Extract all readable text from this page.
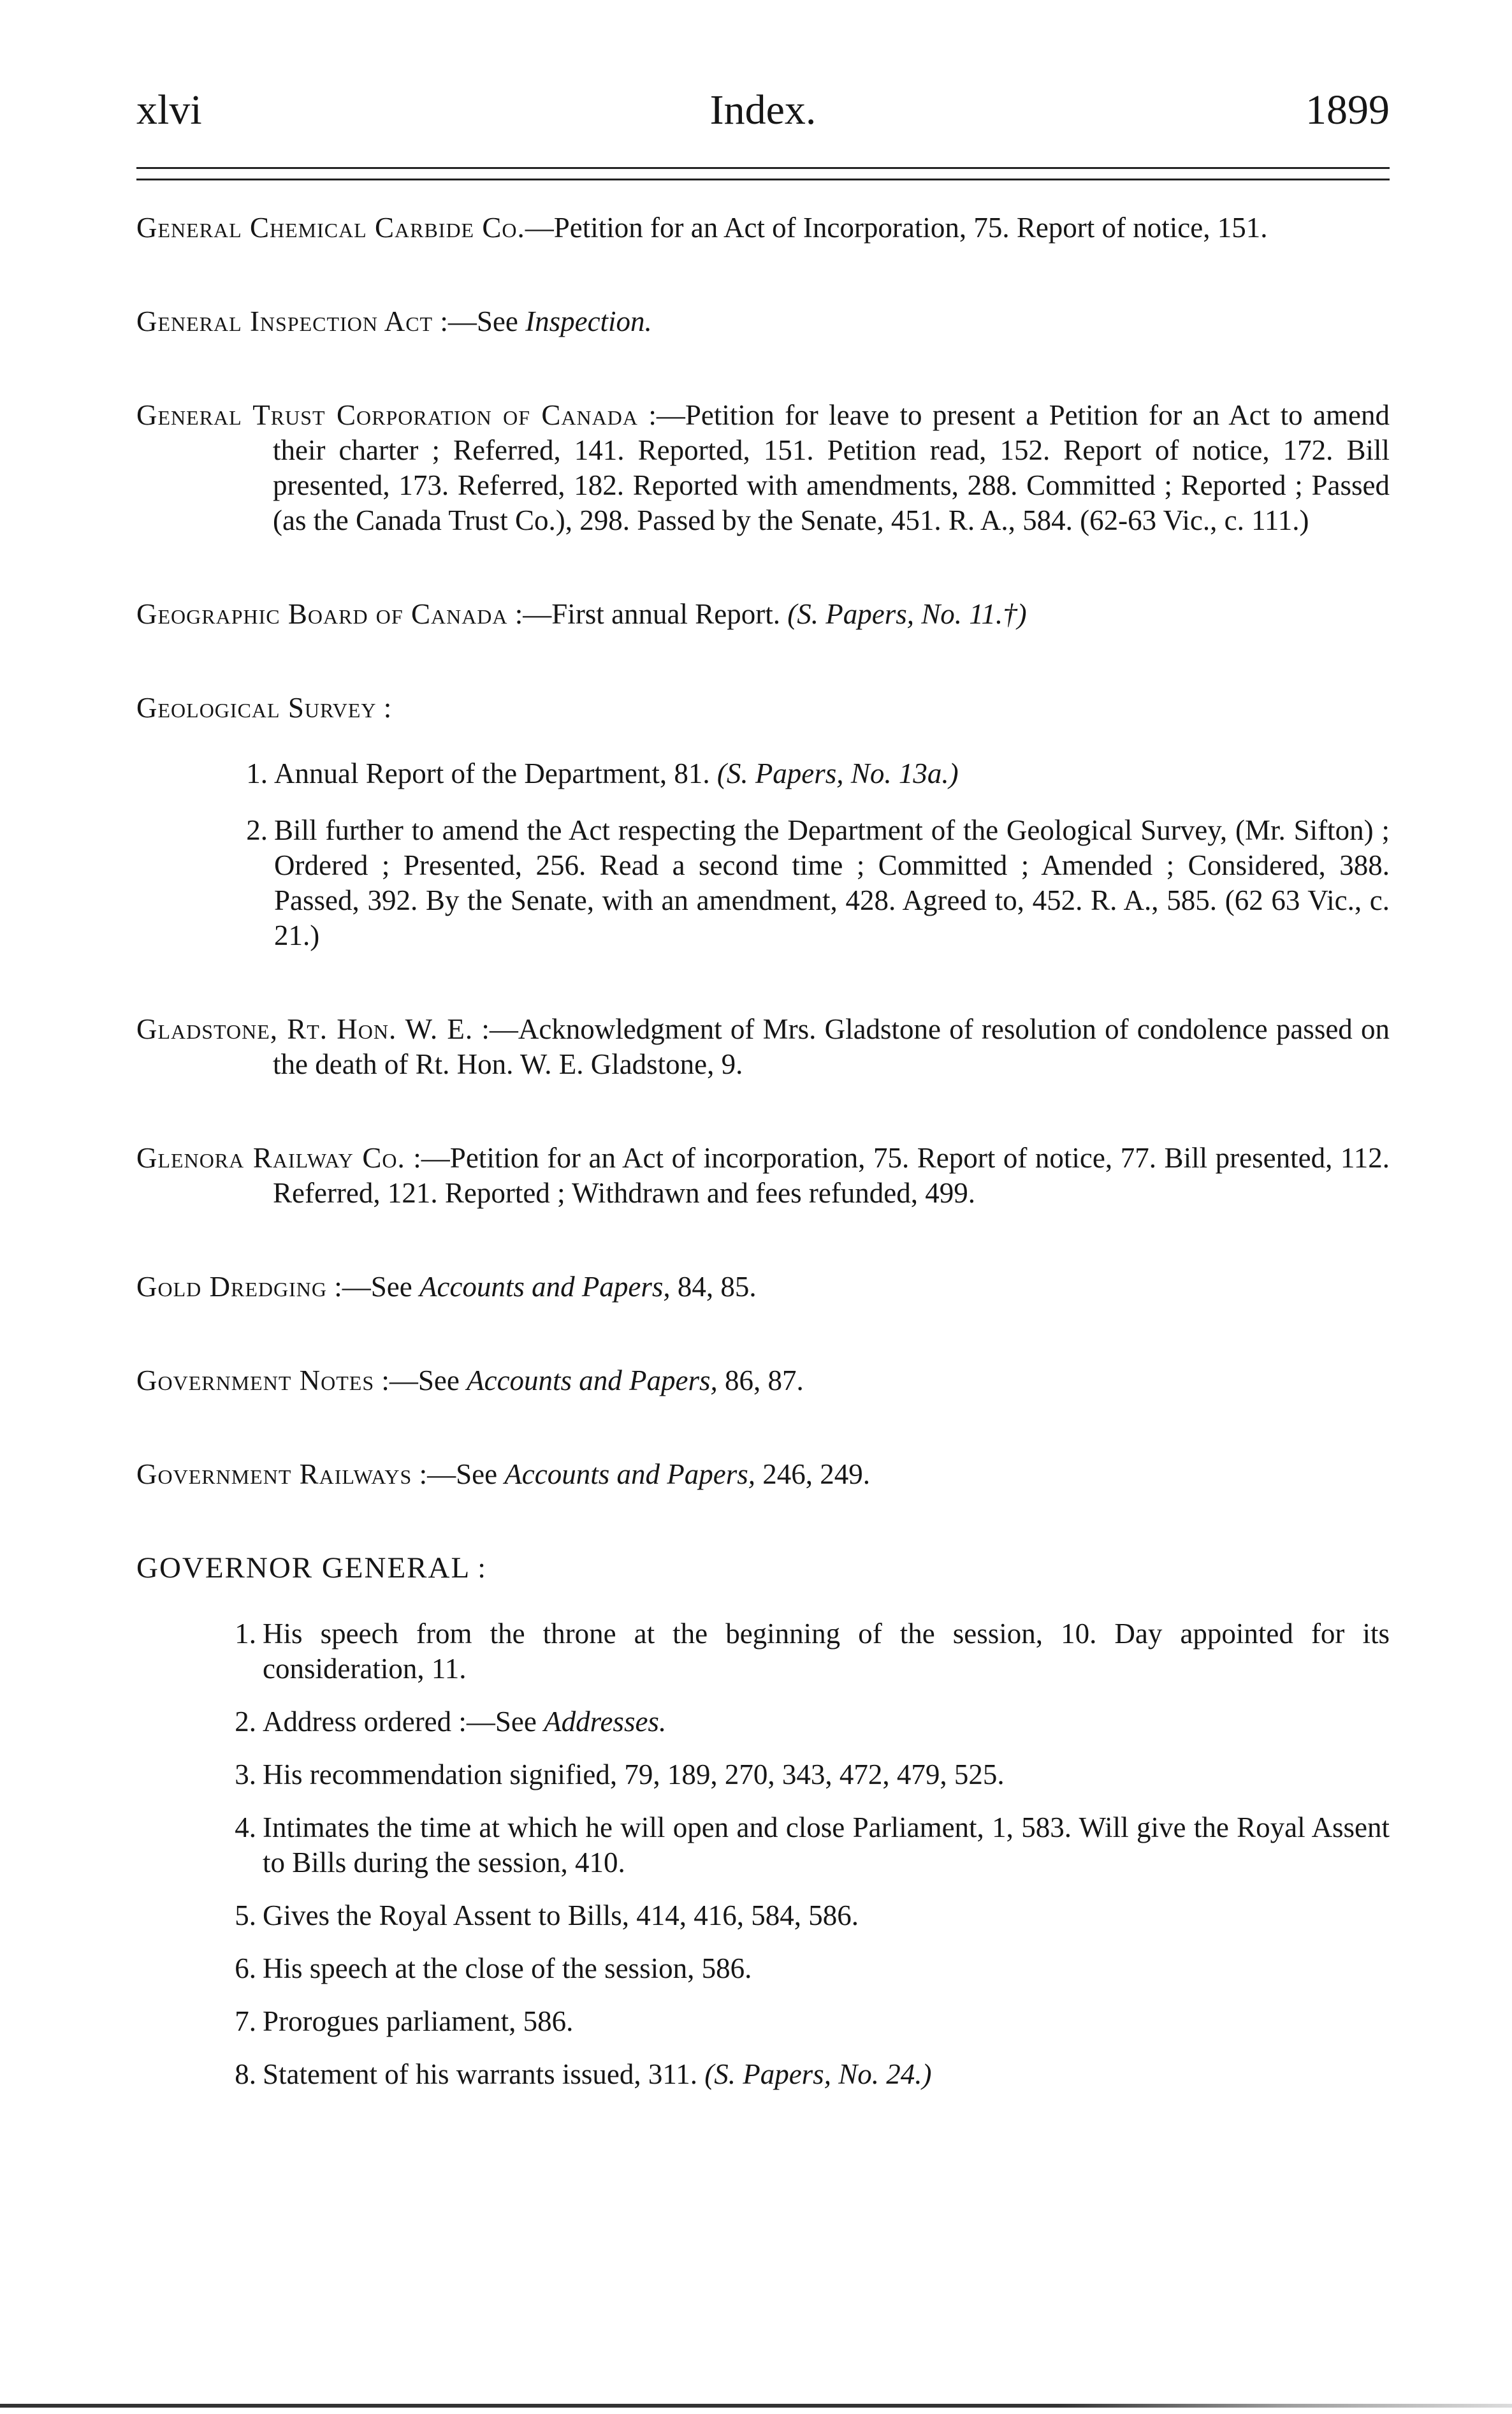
xlvi	Index.	1899
General Chemical Carbide Co.—Petition for an Act of Incorporation, 75. Report of notice, 151.
General Inspection Act :—See Inspection.
General Trust Corporation of Canada :—Petition for leave to present a Petition for an Act to amend their charter ; Referred, 141. Reported, 151. Petition read, 152. Report of notice, 172. Bill presented, 173. Referred, 182. Reported with amendments, 288. Committed ; Reported ; Passed (as the Canada Trust Co.), 298. Passed by the Senate, 451. R. A., 584. (62-63 Vic., c. 111.)
Geographic Board of Canada :—First annual Report. (S. Papers, No. 11.†)
Geological Survey :
1. Annual Report of the Department, 81. (S. Papers, No. 13a.)
2. Bill further to amend the Act respecting the Department of the Geological Survey, (Mr. Sifton) ; Ordered ; Presented, 256. Read a second time ; Committed ; Amended ; Considered, 388. Passed, 392. By the Senate, with an amendment, 428. Agreed to, 452. R. A., 585. (62 63 Vic., c. 21.)
Gladstone, Rt. Hon. W. E. :—Acknowledgment of Mrs. Gladstone of resolution of condolence passed on the death of Rt. Hon. W. E. Gladstone, 9.
Glenora Railway Co. :—Petition for an Act of incorporation, 75. Report of notice, 77. Bill presented, 112. Referred, 121. Reported ; Withdrawn and fees refunded, 499.
Gold Dredging :—See Accounts and Papers, 84, 85.
Government Notes :—See Accounts and Papers, 86, 87.
Government Railways :—See Accounts and Papers, 246, 249.
GOVERNOR GENERAL :
1. His speech from the throne at the beginning of the session, 10. Day appointed for its consideration, 11.
2. Address ordered :—See Addresses.
3. His recommendation signified, 79, 189, 270, 343, 472, 479, 525.
4. Intimates the time at which he will open and close Parliament, 1, 583. Will give the Royal Assent to Bills during the session, 410.
5. Gives the Royal Assent to Bills, 414, 416, 584, 586.
6. His speech at the close of the session, 586.
7. Prorogues parliament, 586.
8. Statement of his warrants issued, 311. (S. Papers, No. 24.)
